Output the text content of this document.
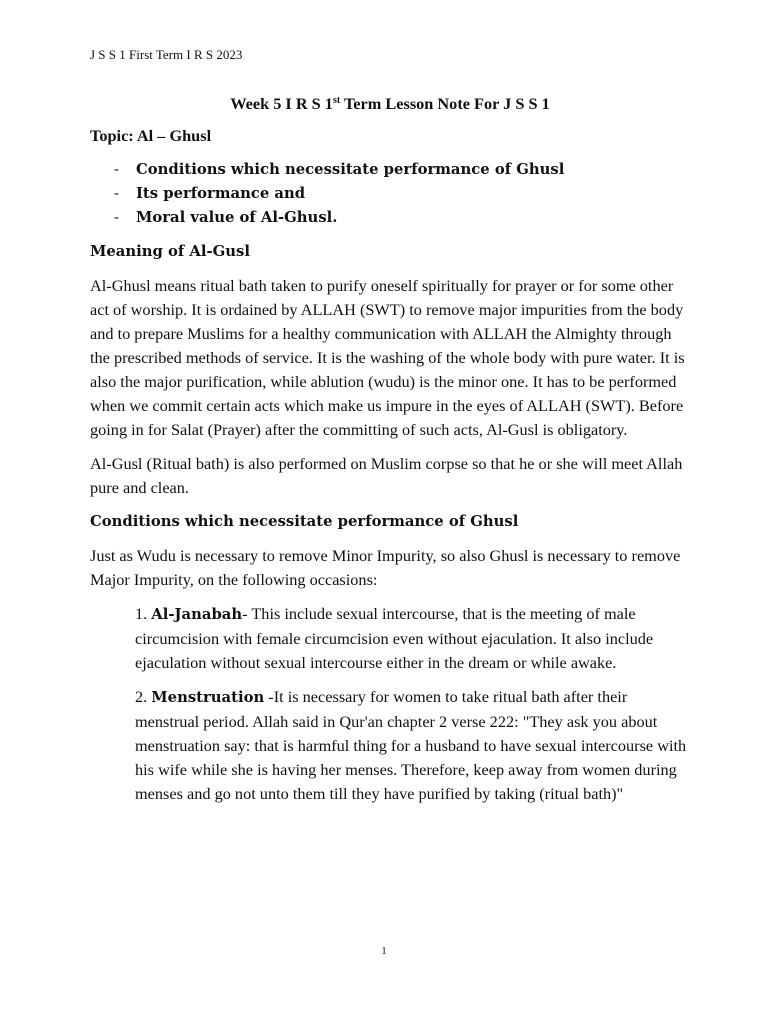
J S S 1 First Term I R S 2023
Week 5 I R S 1st Term Lesson Note For J S S 1
Topic: Al – Ghusl
-	Conditions which necessitate performance of Ghusl
-	Its performance and
-	Moral value of Al-Ghusl.
Meaning of Al-Gusl

Al-Ghusl means ritual bath taken to purify oneself spiritually for prayer or for some other act of worship. It is ordained by ALLAH (SWT) to remove major impurities from the body and to prepare Muslims for a healthy communication with ALLAH the Almighty through the prescribed methods of service. It is the washing of the whole body with pure water. It is also the major purification, while ablution (wudu) is the minor one. It has to be performed when we commit certain acts which make us impure in the eyes of ALLAH (SWT). Before going in for Salat (Prayer) after the committing of such acts, Al-Gusl is obligatory.

Al-Gusl (Ritual bath) is also performed on Muslim corpse so that he or she will meet Allah pure and clean.

Conditions which necessitate performance of Ghusl

Just as Wudu is necessary to remove Minor Impurity, so also Ghusl is necessary to remove Major Impurity, on the following occasions:

1. Al-Janabah- This include sexual intercourse, that is the meeting of male circumcision with female circumcision even without ejaculation. It also include ejaculation without sexual intercourse either in the dream or while awake.
2. Menstruation -It is necessary for women to take ritual bath after their menstrual period. Allah said in Qur'an chapter 2 verse 222: "They ask you about menstruation say: that is harmful thing for a husband to have sexual intercourse with his wife while she is having her menses. Therefore, keep away from women during menses and go not unto them till they have purified by taking (ritual bath)"
1
